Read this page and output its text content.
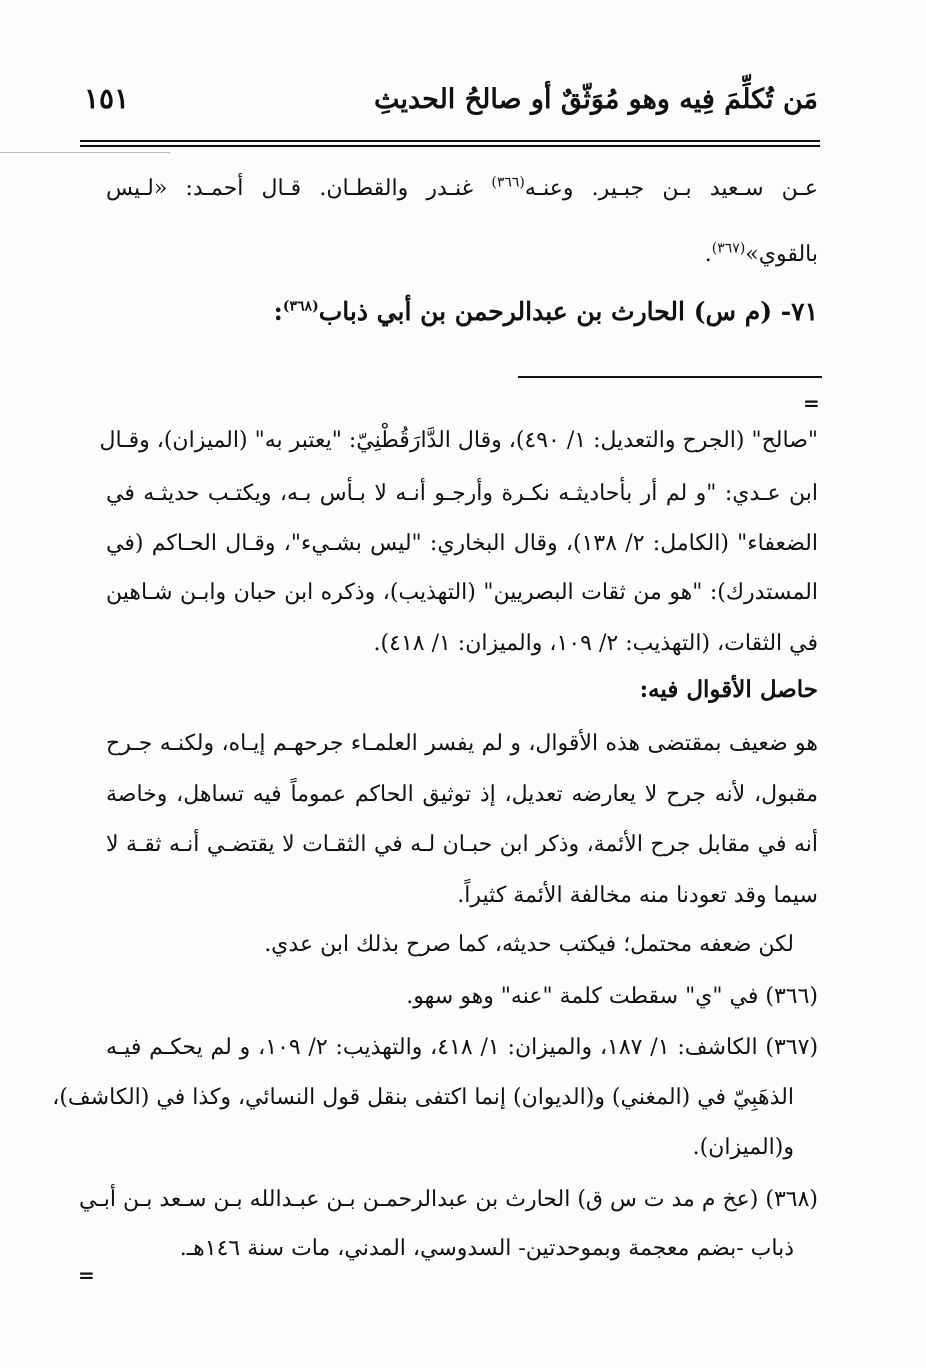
مَن تُكلِّمَ فِيه وهو مُوَثّقٌ أو صالحُ الحديثِ
١٥١
عـن سـعيد بـن جبـير. وعنـه$^{(٣٦٦)}$ غنـدر والقطـان. قـال أحمـد: «لـيس
بالقوي»$^{(٣٦٧)}$.
٧١- (م س) الحارث بن عبدالرحمن بن أبي ذباب$^{(٣٦٨)}$:
=
"صالح" (الجرح والتعديل: ١/ ٤٩٠)، وقال الدَّارَقُطْنِيّ: "يعتبر به" (الميزان)، وقـال
ابن عـدي: "و لم أر بأحاديثـه نكـرة وأرجـو أنـه لا بـأس بـه، ويكتـب حديثـه في
الضعفاء" (الكامل: ٢/ ١٣٨)، وقال البخاري: "ليس بشـيء"، وقـال الحـاكم (في
المستدرك): "هو من ثقات البصريين" (التهذيب)، وذكره ابن حبان وابـن شـاهين
في الثقات، (التهذيب: ٢/ ١٠٩، والميزان: ١/ ٤١٨).
حاصل الأقوال فيه:
هو ضعيف بمقتضى هذه الأقوال، و لم يفسر العلمـاء جرحهـم إيـاه، ولكنـه جـرح
مقبول، لأنه جرح لا يعارضه تعديل، إذ توثيق الحاكم عموماً فيه تساهل، وخاصة
أنه في مقابل جرح الأئمة، وذكر ابن حبـان لـه في الثقـات لا يقتضـي أنـه ثقـة لا
سيما وقد تعودنا منه مخالفة الأئمة كثيراً.
لكن ضعفه محتمل؛ فيكتب حديثه، كما صرح بذلك ابن عدي.
(٣٦٦) في "ي" سقطت كلمة "عنه" وهو سهو.
(٣٦٧) الكاشف: ١/ ١٨٧، والميزان: ١/ ٤١٨، والتهذيب: ٢/ ١٠٩، و لم يحكـم فيـه
الذهَبِيّ في (المغني) و(الديوان) إنما اكتفى بنقل قول النسائي، وكذا في (الكاشف)،
و(الميزان).
(٣٦٨) (عخ م مد ت س ق) الحارث بن عبدالرحمـن بـن عبـدالله بـن سـعد بـن أبـي
ذباب -بضم معجمة وبموحدتين- السدوسي، المدني، مات سنة ١٤٦هـ.
=
